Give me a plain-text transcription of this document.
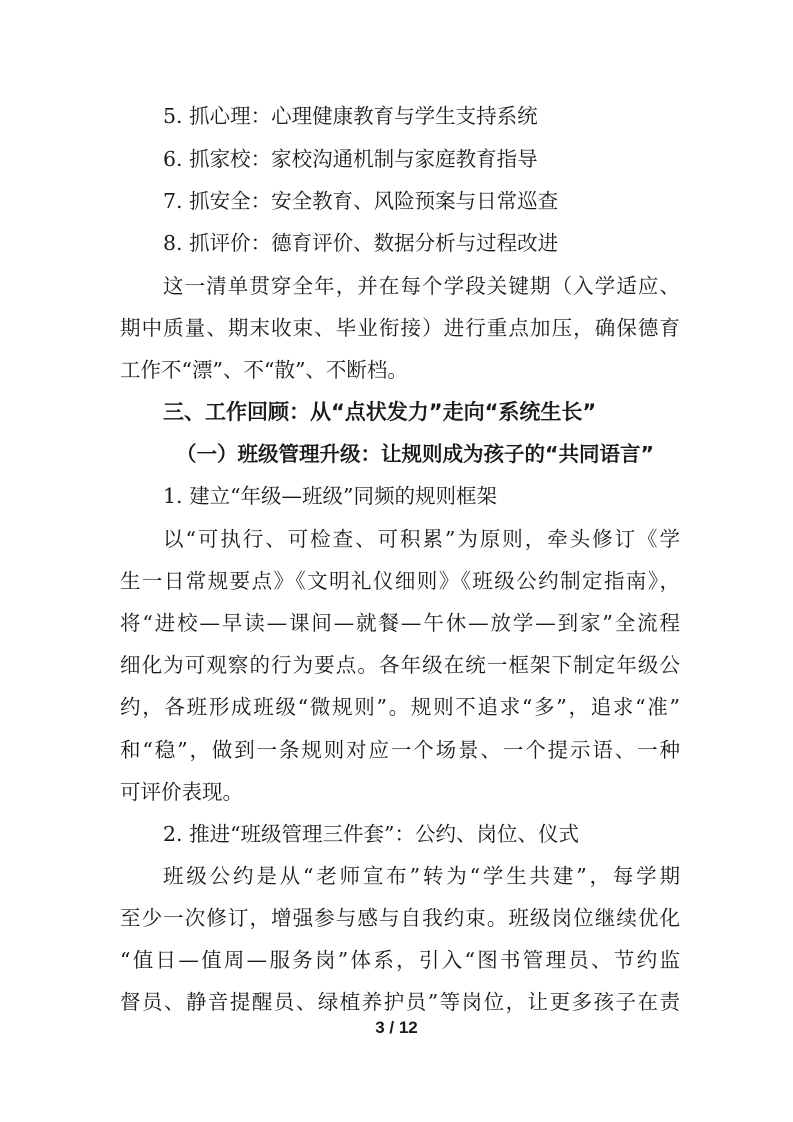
5. 抓心理：心理健康教育与学生支持系统
6. 抓家校：家校沟通机制与家庭教育指导
7. 抓安全：安全教育、风险预案与日常巡查
8. 抓评价：德育评价、数据分析与过程改进
这一清单贯穿全年，并在每个学段关键期（入学适应、
期中质量、期末收束、毕业衔接）进行重点加压，确保德育
工作不“漂”、不“散”、不断档。
三、工作回顾：从“点状发力”走向“系统生长”
（一）班级管理升级：让规则成为孩子的“共同语言”
1. 建立“年级—班级”同频的规则框架
以“可执行、可检查、可积累”为原则，牵头修订《学
生一日常规要点》《文明礼仪细则》《班级公约制定指南》，
将“进校—早读—课间—就餐—午休—放学—到家”全流程
细化为可观察的行为要点。各年级在统一框架下制定年级公
约，各班形成班级“微规则”。规则不追求“多”，追求“准”
和“稳”，做到一条规则对应一个场景、一个提示语、一种
可评价表现。
2. 推进“班级管理三件套”：公约、岗位、仪式
班级公约是从“老师宣布”转为“学生共建”，每学期
至少一次修订，增强参与感与自我约束。班级岗位继续优化
“值日—值周—服务岗”体系，引入“图书管理员、节约监
督员、静音提醒员、绿植养护员”等岗位，让更多孩子在责
3 / 12
